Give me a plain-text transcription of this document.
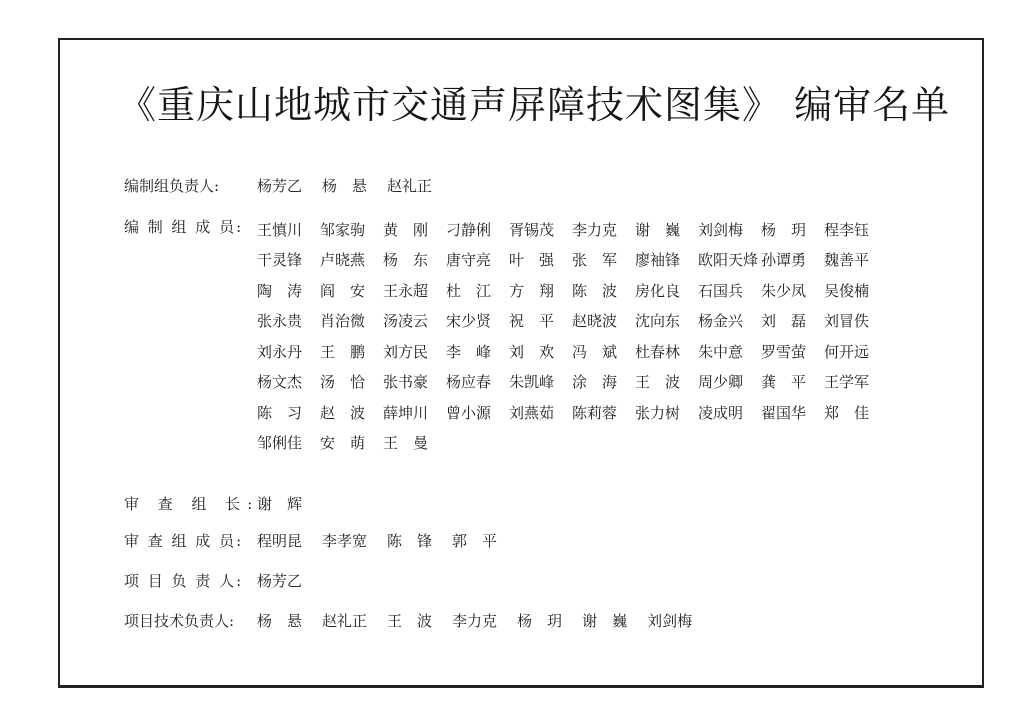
《重庆山地城市交通声屏障技术图集》 编审名单
编制组负责人:	杨芳乙 杨　悬 赵礼正
编 制 组 成 员: 王慎川	邹家驹	黄　刚	刁静俐	胥锡茂	李力克	谢　巍	刘剑梅	杨　玥	程李钰
干灵锋	卢晓燕	杨　东	唐守亮	叶　强	张　军	廖袖锋	欧阳天烽 孙谭勇	魏善平
陶　涛	阎　安	王永超	杜　江	方　翔	陈　波	房化良	石国兵	朱少凤	吴俊楠
张永贵	肖治微	汤凌云	宋少贤	祝　平	赵晓波	沈向东	杨金兴	刘　磊	刘冒佚
刘永丹	王　鹏	刘方民	李　峰	刘　欢	冯　斌	杜春林	朱中意	罗雪萤	何开远
杨文杰	汤　恰	张书豪	杨应春	朱凯峰	涂　海	王　波	周少卿	龚　平	王学军
陈　习	赵　波	薛坤川	曾小源	刘燕茹	陈莉蓉	张力树	凌成明	翟国华	郑　佳
邹俐佳	安　萌	王　曼
审 查 组 长:
谢　辉
审 查 组 成 员: 程明昆 李孝宽 陈　锋 郭　平
项 目 负 责 人: 杨芳乙
项目技术负责人: 杨　悬 赵礼正 王　波 李力克 杨　玥 谢　巍 刘剑梅
